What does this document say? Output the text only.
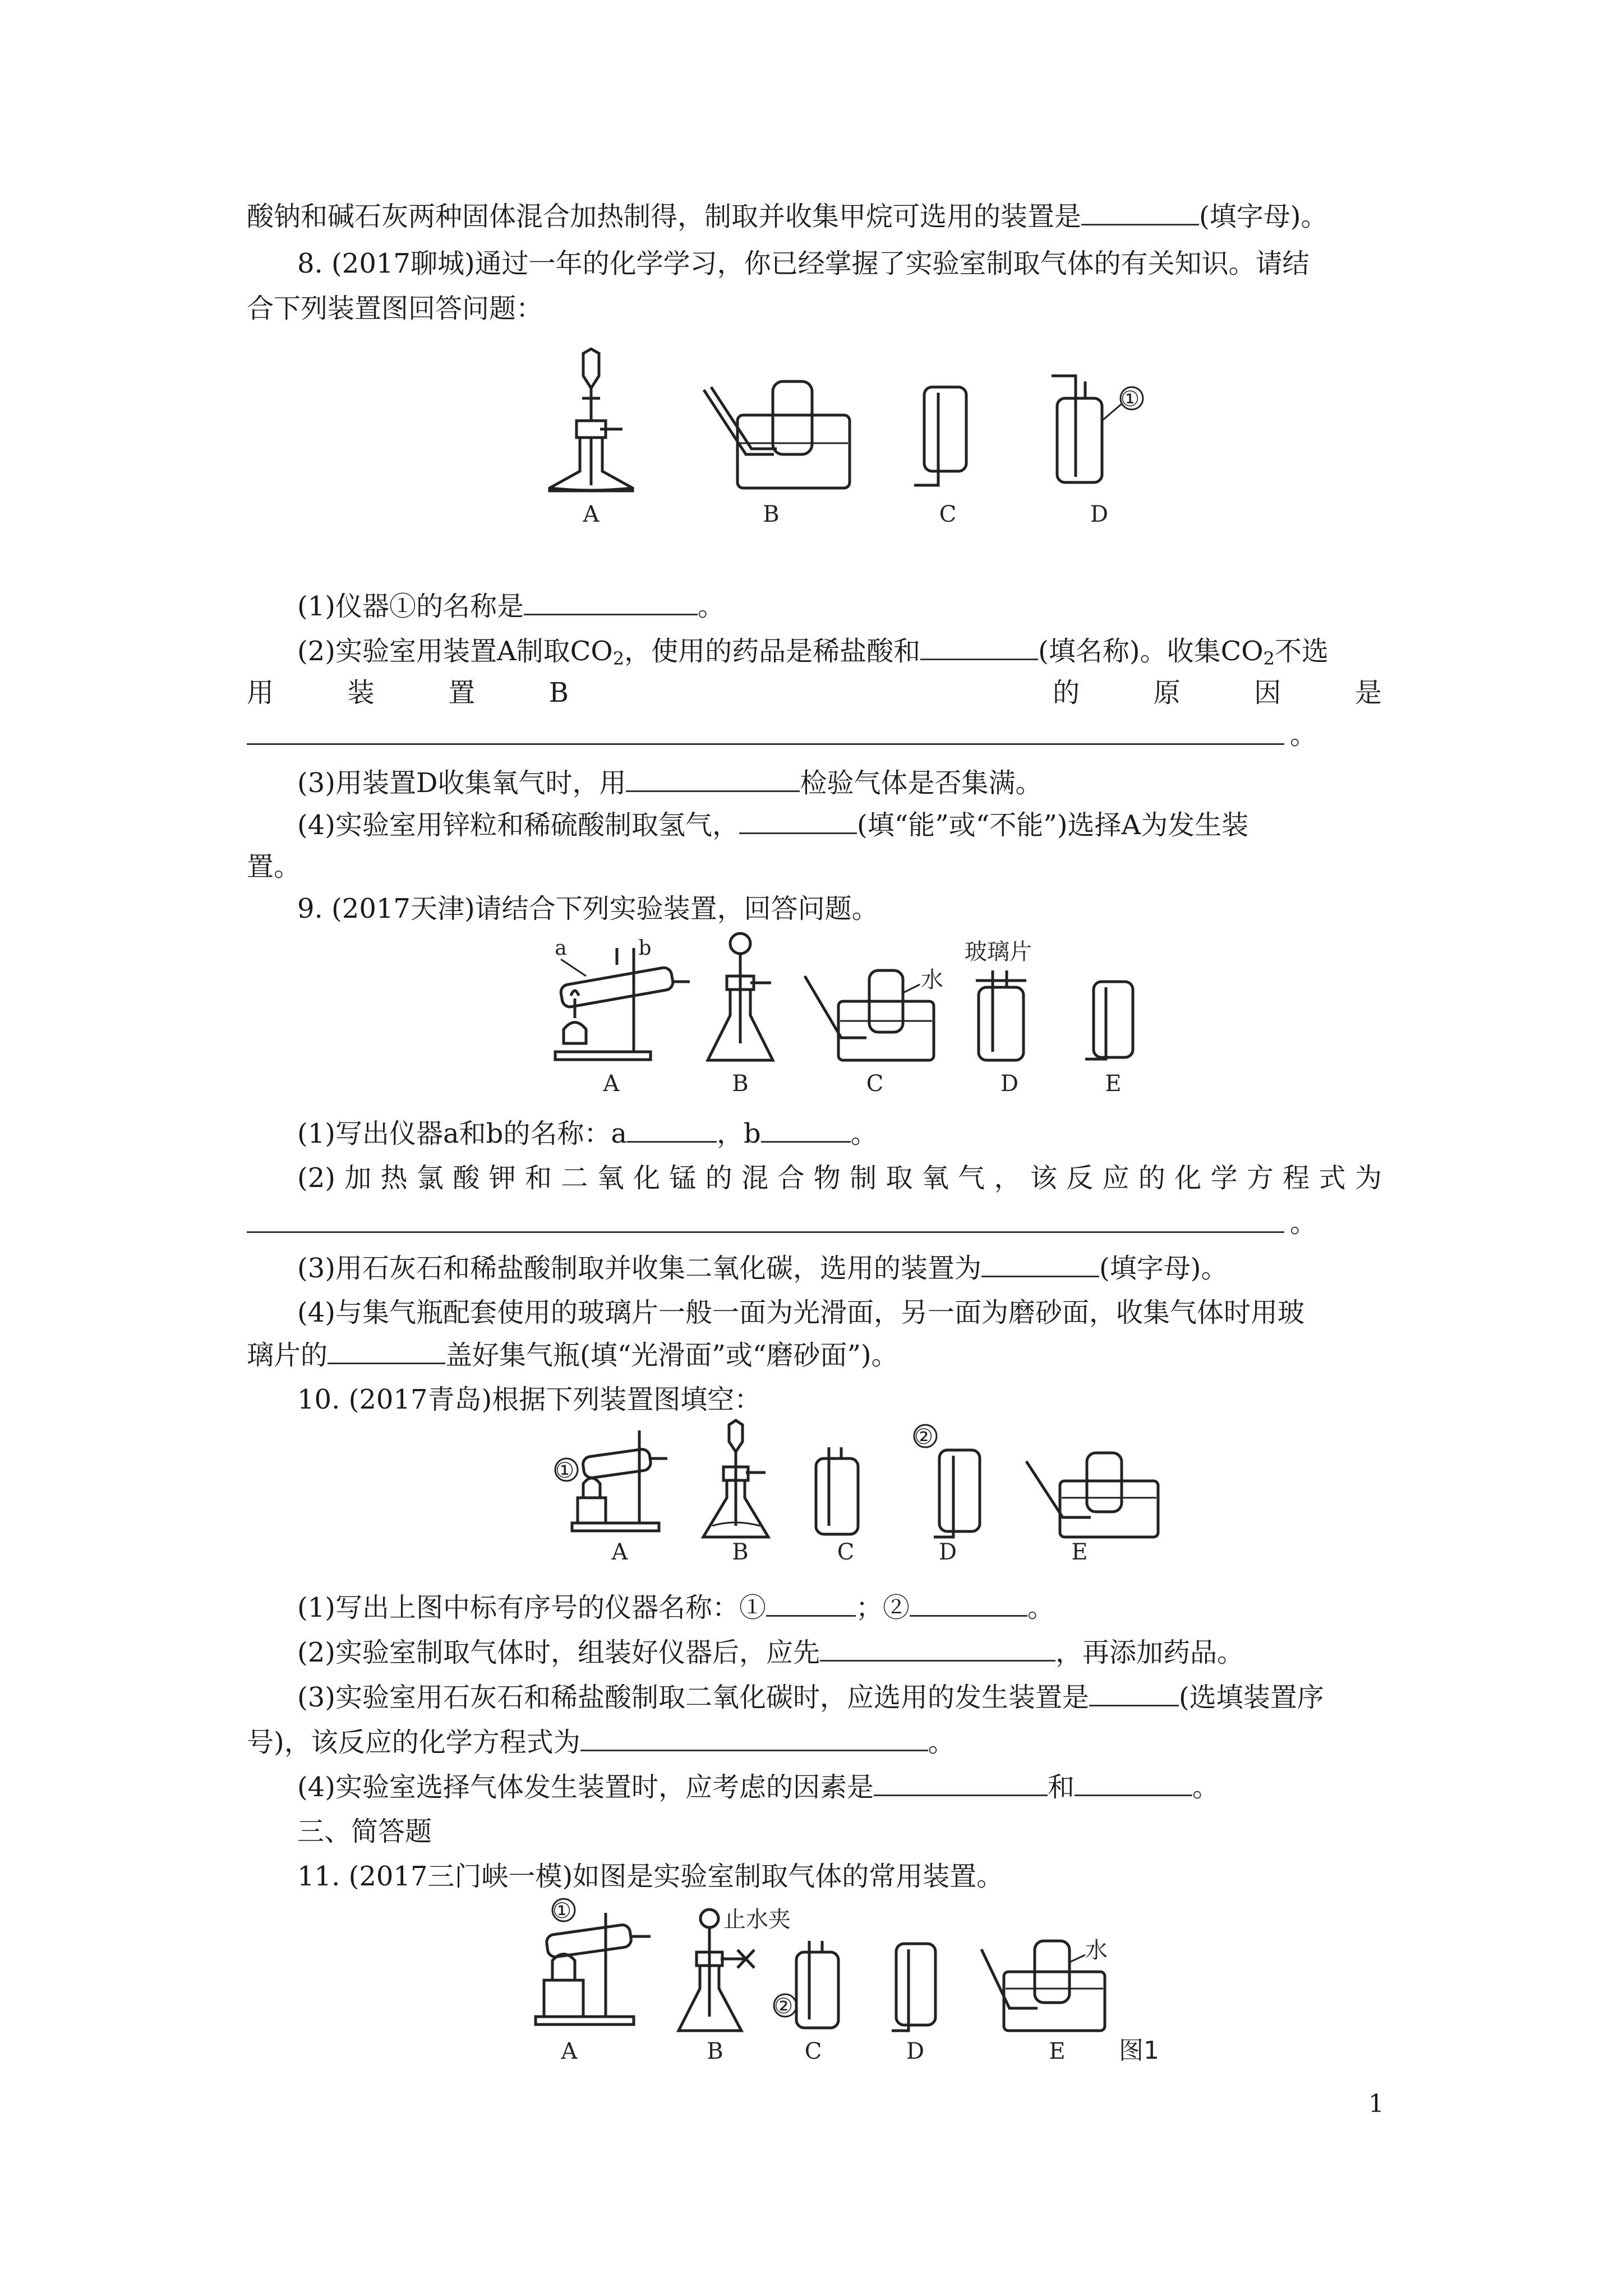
酸钠和碱石灰两种固体混合加热制得，制取并收集甲烷可选用的装置是	(填字母)。
8. (2017聊城)通过一年的化学学习，你已经掌握了实验室制取气体的有关知识。请结
合下列装置图回答问题：
A	B	C
①
D
(1)仪器①的名称是	。
(2)实验室用装置A制取$CO_2$，使用的药品是稀盐酸和	(填名称)。收集$CO_2$不选
用	装	置	B	的	原	因	是
。
(3)用装置D收集氧气时，用	检验气体是否集满。
(4)实验室用锌粒和稀硫酸制取氢气，	(填“能”或“不能”)选择A为发生装
置。
9. (2017天津)请结合下列实验装置，回答问题。
a	b
A	B
水
C
玻璃片
D	E
(1)写出仪器a和b的名称：a	，b	。
(2) 加 热 氯 酸 钾 和 二 氧 化 锰 的 混 合 物 制 取 氧 气 ， 该 反 应 的 化 学 方 程 式 为
。
(3)用石灰石和稀盐酸制取并收集二氧化碳，选用的装置为	(填字母)。
(4)与集气瓶配套使用的玻璃片一般一面为光滑面，另一面为磨砂面，收集气体时用玻
璃片的	盖好集气瓶(填“光滑面”或“磨砂面”)。
10. (2017青岛)根据下列装置图填空：
①
A	B	C
②
D	E
(1)写出上图中标有序号的仪器名称：①	；②	。
(2)实验室制取气体时，组装好仪器后，应先	，再添加药品。
(3)实验室用石灰石和稀盐酸制取二氧化碳时，应选用的发生装置是	(选填装置序
号)，该反应的化学方程式为	。
(4)实验室选择气体发生装置时，应考虑的因素是	和	。
三、简答题
11. (2017三门峡一模)如图是实验室制取气体的常用装置。
①
A
止水夹
B
②
C	D
水
E 图1
1
